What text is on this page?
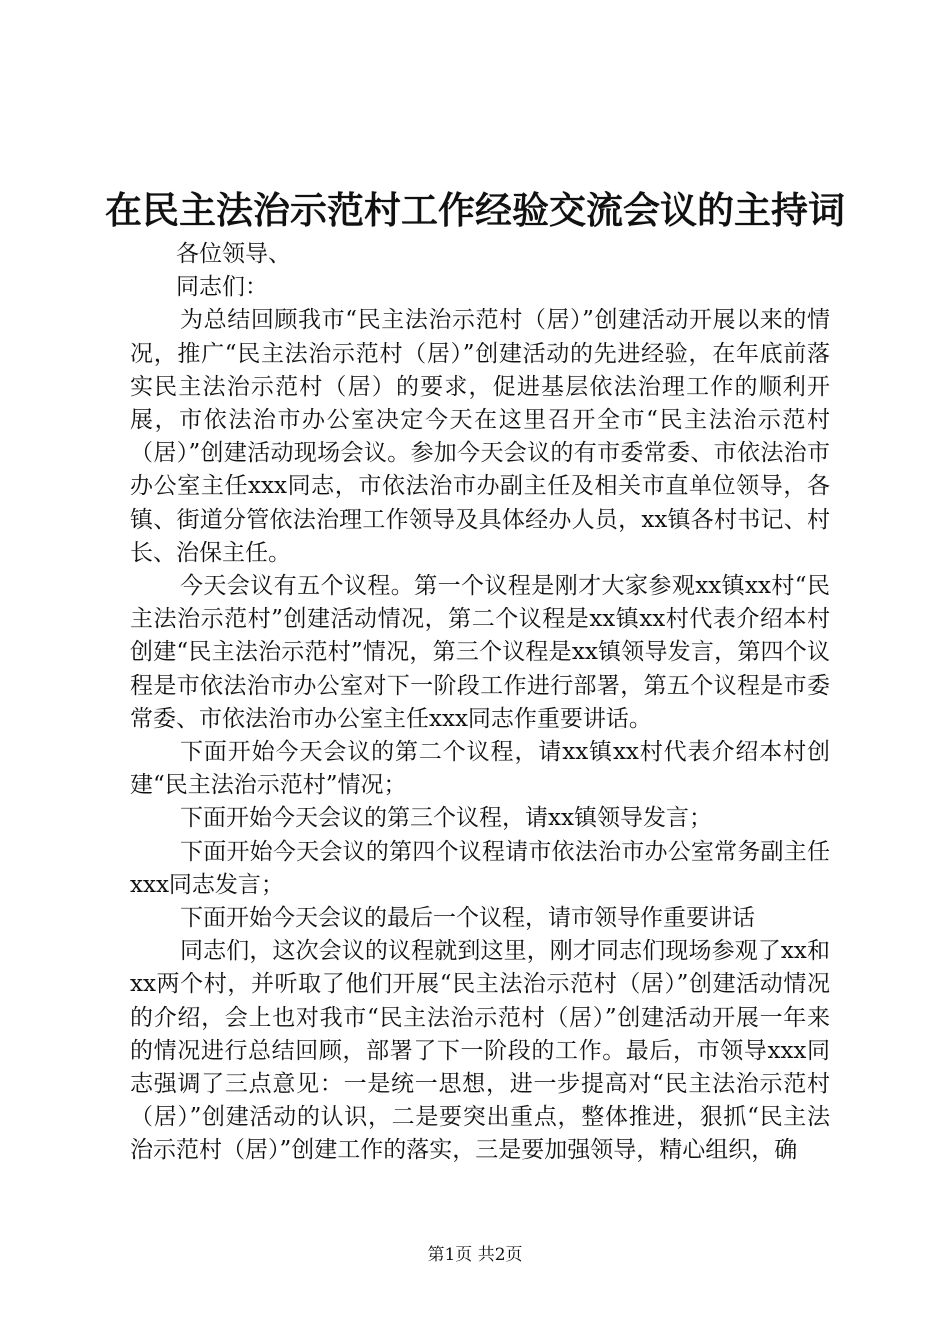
在民主法治示范村工作经验交流会议的主持词

各位领导、

同志们：

为总结回顾我市“民主法治示范村（居）”创建活动开展以来的情况，推广“民主法治示范村（居）”创建活动的先进经验，在年底前落实民主法治示范村（居）的要求，促进基层依法治理工作的顺利开展，市依法治市办公室决定今天在这里召开全市“民主法治示范村（居）”创建活动现场会议。参加今天会议的有市委常委、市依法治市办公室主任xxx同志，市依法治市办副主任及相关市直单位领导，各镇、街道分管依法治理工作领导及具体经办人员，xx镇各村书记、村长、治保主任。

今天会议有五个议程。第一个议程是刚才大家参观xx镇xx村“民主法治示范村”创建活动情况，第二个议程是xx镇xx村代表介绍本村创建“民主法治示范村”情况，第三个议程是xx镇领导发言，第四个议程是市依法治市办公室对下一阶段工作进行部署，第五个议程是市委常委、市依法治市办公室主任xxx同志作重要讲话。

下面开始今天会议的第二个议程，请xx镇xx村代表介绍本村创建“民主法治示范村”情况；

下面开始今天会议的第三个议程，请xx镇领导发言；

下面开始今天会议的第四个议程请市依法治市办公室常务副主任xxx同志发言；

下面开始今天会议的最后一个议程，请市领导作重要讲话

同志们，这次会议的议程就到这里，刚才同志们现场参观了xx和xx两个村，并听取了他们开展“民主法治示范村（居）”创建活动情况的介绍，会上也对我市“民主法治示范村（居）”创建活动开展一年来的情况进行总结回顾，部署了下一阶段的工作。最后，市领导xxx同志强调了三点意见：一是统一思想，进一步提高对“民主法治示范村（居）”创建活动的认识，二是要突出重点，整体推进，狠抓“民主法治示范村（居）”创建工作的落实，三是要加强领导，精心组织，确

第1页 共2页
